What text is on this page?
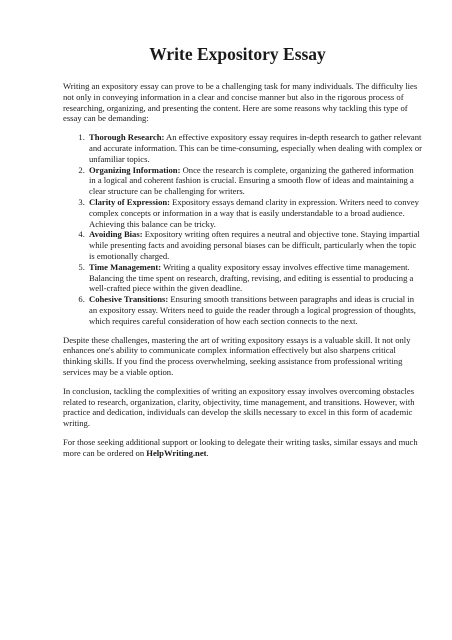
Write Expository Essay

Writing an expository essay can prove to be a challenging task for many individuals. The difficulty lies not only in conveying information in a clear and concise manner but also in the rigorous process of researching, organizing, and presenting the content. Here are some reasons why tackling this type of essay can be demanding:

1. Thorough Research: An effective expository essay requires in-depth research to gather relevant and accurate information. This can be time-consuming, especially when dealing with complex or unfamiliar topics.
2. Organizing Information: Once the research is complete, organizing the gathered information in a logical and coherent fashion is crucial. Ensuring a smooth flow of ideas and maintaining a clear structure can be challenging for writers.
3. Clarity of Expression: Expository essays demand clarity in expression. Writers need to convey complex concepts or information in a way that is easily understandable to a broad audience. Achieving this balance can be tricky.
4. Avoiding Bias: Expository writing often requires a neutral and objective tone. Staying impartial while presenting facts and avoiding personal biases can be difficult, particularly when the topic is emotionally charged.
5. Time Management: Writing a quality expository essay involves effective time management. Balancing the time spent on research, drafting, revising, and editing is essential to producing a well-crafted piece within the given deadline.
6. Cohesive Transitions: Ensuring smooth transitions between paragraphs and ideas is crucial in an expository essay. Writers need to guide the reader through a logical progression of thoughts, which requires careful consideration of how each section connects to the next.

Despite these challenges, mastering the art of writing expository essays is a valuable skill. It not only enhances one's ability to communicate complex information effectively but also sharpens critical thinking skills. If you find the process overwhelming, seeking assistance from professional writing services may be a viable option.

In conclusion, tackling the complexities of writing an expository essay involves overcoming obstacles related to research, organization, clarity, objectivity, time management, and transitions. However, with practice and dedication, individuals can develop the skills necessary to excel in this form of academic writing.

For those seeking additional support or looking to delegate their writing tasks, similar essays and much more can be ordered on HelpWriting.net.
